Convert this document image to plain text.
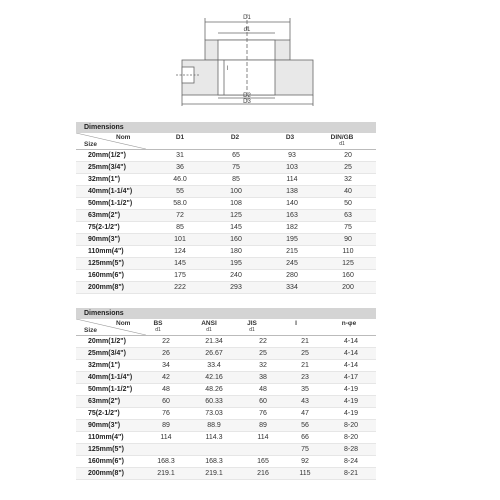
D1
d1
D2
D3
l
Dimensions
Nom
Size
D1	D2	D3	DIN/GB
d1
20mm(1/2")	31	65	93	20
25mm(3/4")	36	75	103	25
32mm(1")	46.0	85	114	32
40mm(1-1/4")	55	100	138	40
50mm(1-1/2")	58.0	108	140	50
63mm(2")	72	125	163	63
75(2-1/2")	85	145	182	75
90mm(3")	101	160	195	90
110mm(4")	124	180	215	110
125mm(5")	145	195	245	125
160mm(6")	175	240	280	160
200mm(8")	222	293	334	200
Dimensions
Nom
Size
BS
d1
ANSI
d1
JIS
d1
l	n-φe
20mm(1/2")	22	21.34	22	21	4-14
25mm(3/4")	26	26.67	25	25	4-14
32mm(1")	34	33.4	32	21	4-14
40mm(1-1/4")	42	42.16	38	23	4-17
50mm(1-1/2")	48	48.26	48	35	4-19
63mm(2")	60	60.33	60	43	4-19
75(2-1/2")	76	73.03	76	47	4-19
90mm(3")	89	88.9	89	56	8-20
110mm(4")	114	114.3	114	66	8-20
125mm(5")				75	8-28
160mm(6")	168.3	168.3	165	92	8-24
200mm(8")	219.1	219.1	216	115	8-21
